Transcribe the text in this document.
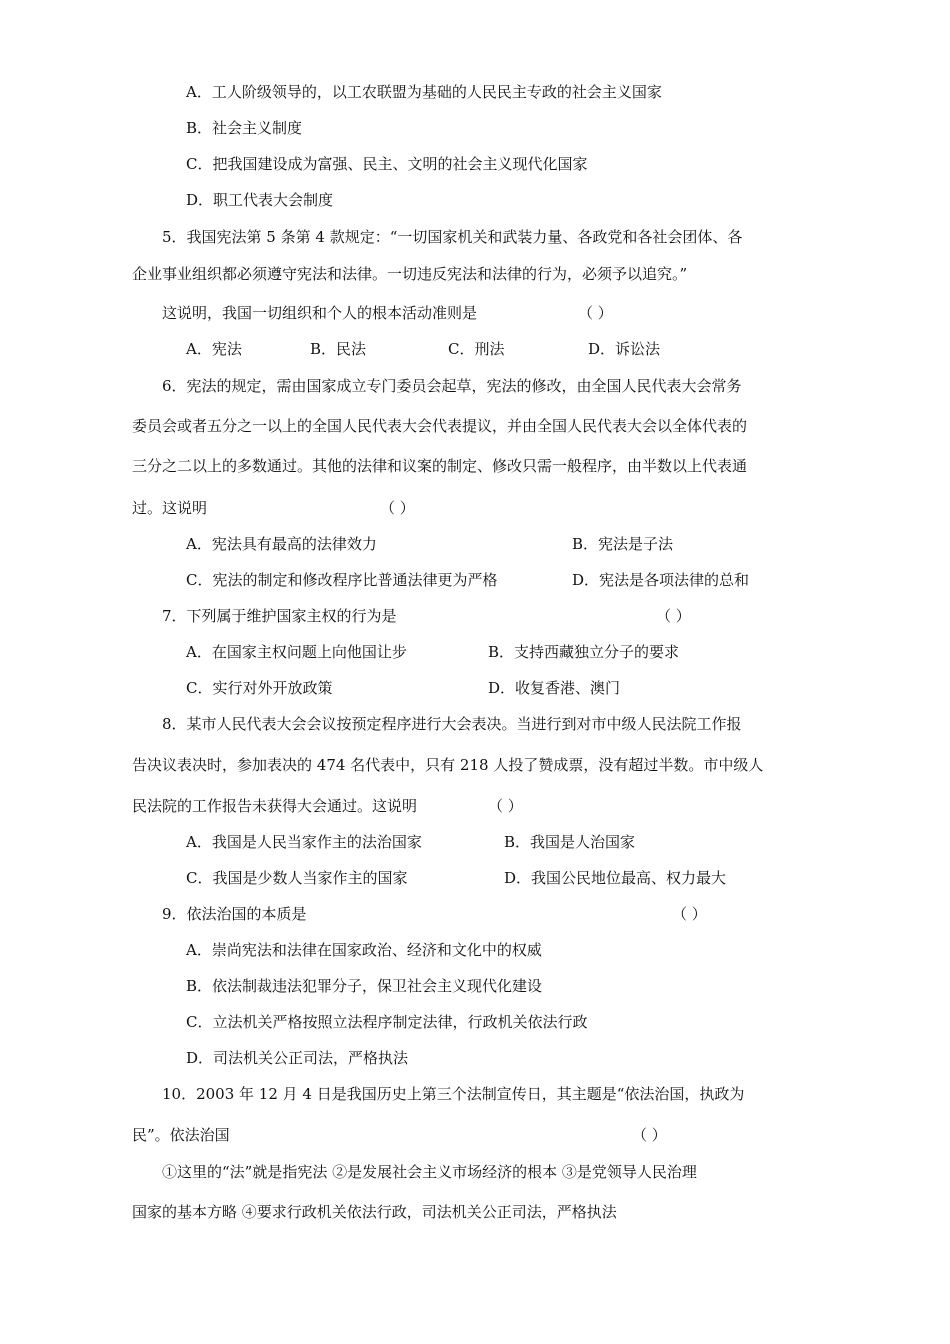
A．工人阶级领导的，以工农联盟为基础的人民民主专政的社会主义国家
B．社会主义制度
C．把我国建设成为富强、民主、文明的社会主义现代化国家
D．职工代表大会制度
5．我国宪法第 5 条第 4 款规定：“一切国家机关和武装力量、各政党和各社会团体、各
企业事业组织都必须遵守宪法和法律。一切违反宪法和法律的行为，必须予以追究。”
这说明，我国一切组织和个人的根本活动准则是	（ ）
A．宪法	B．民法	C．刑法	D．诉讼法
6．宪法的规定，需由国家成立专门委员会起草，宪法的修改，由全国人民代表大会常务
委员会或者五分之一以上的全国人民代表大会代表提议，并由全国人民代表大会以全体代表的
三分之二以上的多数通过。其他的法律和议案的制定、修改只需一般程序，由半数以上代表通
过。这说明	（ ）
A．宪法具有最高的法律效力	B．宪法是子法
C．宪法的制定和修改程序比普通法律更为严格	D．宪法是各项法律的总和
7．下列属于维护国家主权的行为是	（ ）
A．在国家主权问题上向他国让步	B．支持西藏独立分子的要求
C．实行对外开放政策	D．收复香港、澳门
8．某市人民代表大会会议按预定程序进行大会表决。当进行到对市中级人民法院工作报
告决议表决时，参加表决的 474 名代表中，只有 218 人投了赞成票，没有超过半数。市中级人
民法院的工作报告未获得大会通过。这说明	（ ）
A．我国是人民当家作主的法治国家	B．我国是人治国家
C．我国是少数人当家作主的国家	D．我国公民地位最高、权力最大
9．依法治国的本质是	（ ）
A．崇尚宪法和法律在国家政治、经济和文化中的权威
B．依法制裁违法犯罪分子，保卫社会主义现代化建设
C．立法机关严格按照立法程序制定法律，行政机关依法行政
D．司法机关公正司法，严格执法
10．2003 年 12 月 4 日是我国历史上第三个法制宣传日，其主题是“依法治国，执政为
民”。依法治国	（ ）
①这里的“法”就是指宪法 ②是发展社会主义市场经济的根本 ③是党领导人民治理
国家的基本方略 ④要求行政机关依法行政，司法机关公正司法，严格执法
